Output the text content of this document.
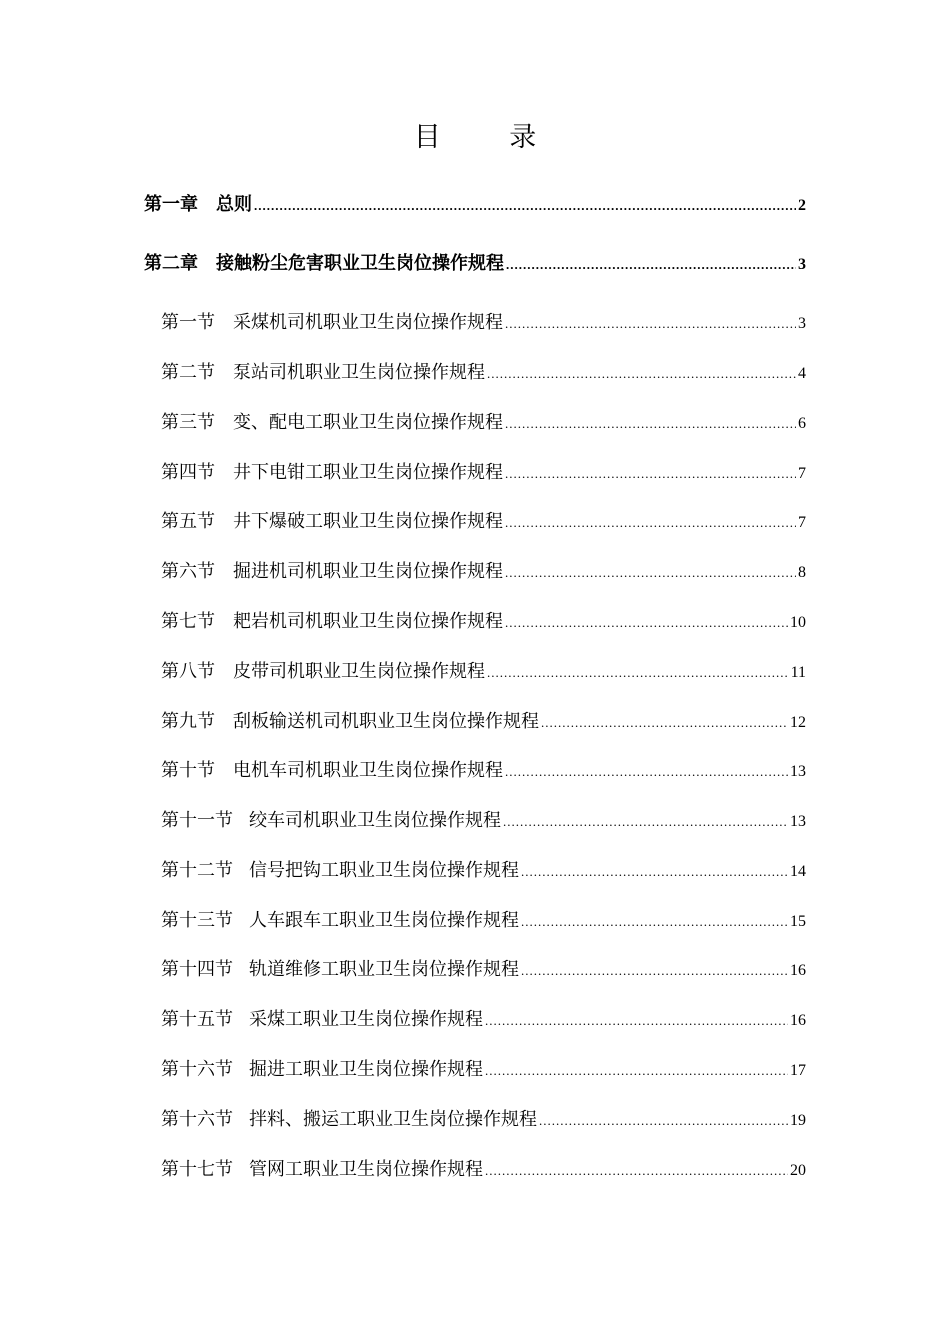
目 录
第一章 总则 .....	2
第二章 接触粉尘危害职业卫生岗位操作规程 .....	3
第一节 采煤机司机职业卫生岗位操作规程 .....	3
第二节 泵站司机职业卫生岗位操作规程 .....	4
第三节 变、配电工职业卫生岗位操作规程 .....	6
第四节 井下电钳工职业卫生岗位操作规程 .....	7
第五节 井下爆破工职业卫生岗位操作规程 .....	7
第六节 掘进机司机职业卫生岗位操作规程 .....	8
第七节 耙岩机司机职业卫生岗位操作规程 .....	10
第八节 皮带司机职业卫生岗位操作规程 .....	11
第九节 刮板输送机司机职业卫生岗位操作规程 .....	12
第十节 电机车司机职业卫生岗位操作规程 .....	13
第十一节 绞车司机职业卫生岗位操作规程 .....	13
第十二节 信号把钩工职业卫生岗位操作规程 .....	14
第十三节 人车跟车工职业卫生岗位操作规程 .....	15
第十四节 轨道维修工职业卫生岗位操作规程 .....	16
第十五节 采煤工职业卫生岗位操作规程 .....	16
第十六节 掘进工职业卫生岗位操作规程 .....	17
第十六节 拌料、搬运工职业卫生岗位操作规程 .....	19
第十七节 管网工职业卫生岗位操作规程 .....	20
